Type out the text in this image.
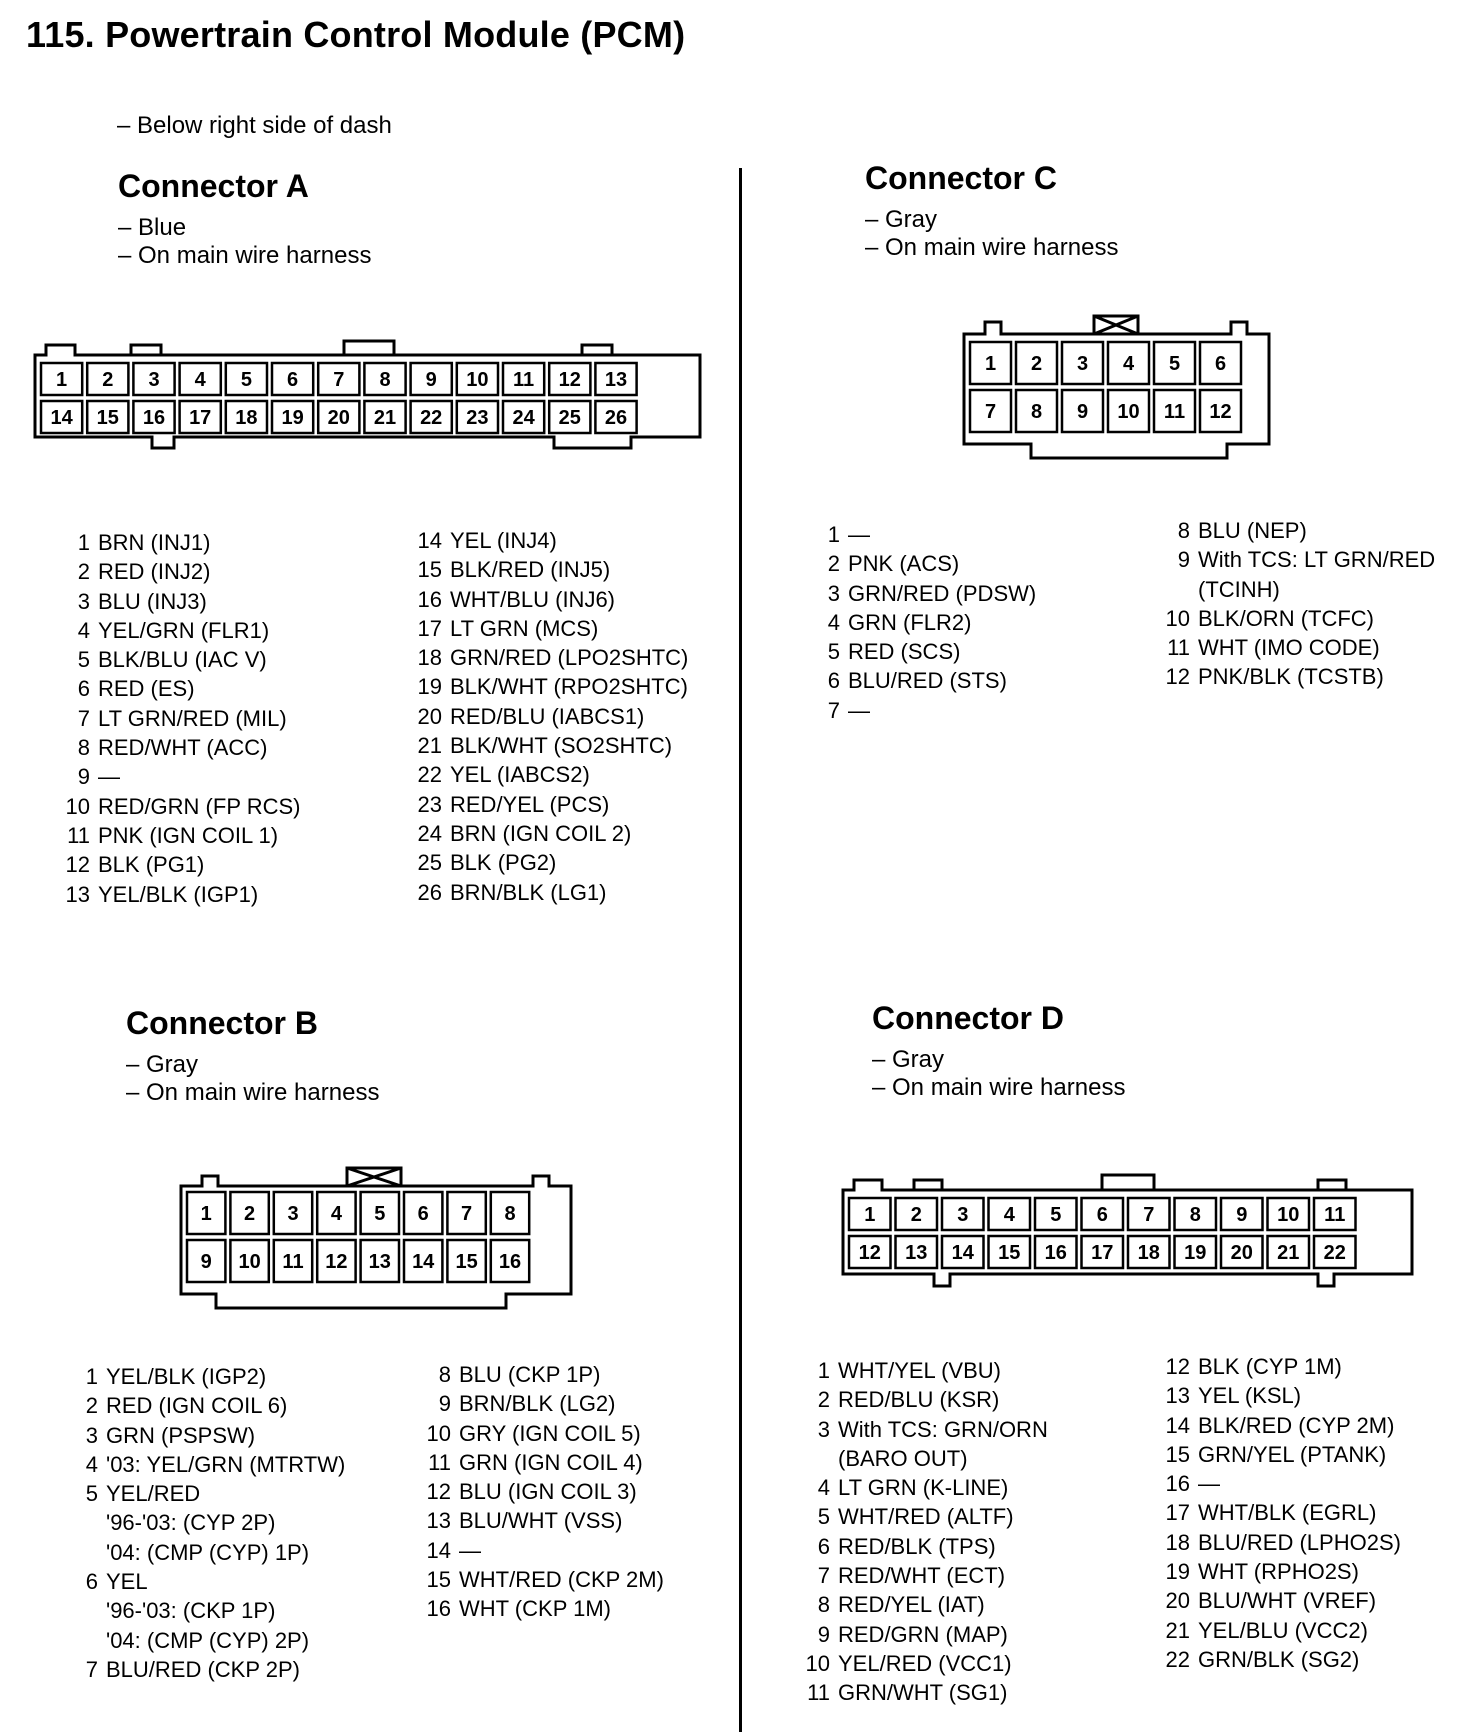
115. Powertrain Control Module (PCM)
– Below right side of dash
Connector A
– Blue
– On main wire harness
1 2 3 4 5 6 7 8 9 10 11 12 13
14 15 16 17 18 19 20 21 22 23 24 25 26
1 BRN (INJ1)
2 RED (INJ2)
3 BLU (INJ3)
4 YEL/GRN (FLR1)
5 BLK/BLU (IAC V)
6 RED (ES)
7 LT GRN/RED (MIL)
8 RED/WHT (ACC)
9 —
10 RED/GRN (FP RCS)
11 PNK (IGN COIL 1)
12 BLK (PG1)
13 YEL/BLK (IGP1)
14 YEL (INJ4)
15 BLK/RED (INJ5)
16 WHT/BLU (INJ6)
17 LT GRN (MCS)
18 GRN/RED (LPO2SHTC)
19 BLK/WHT (RPO2SHTC)
20 RED/BLU (IABCS1)
21 BLK/WHT (SO2SHTC)
22 YEL (IABCS2)
23 RED/YEL (PCS)
24 BRN (IGN COIL 2)
25 BLK (PG2)
26 BRN/BLK (LG1)
Connector C
– Gray
– On main wire harness
1 2 3 4 5 6
7 8 9 10 11 12
1 —
2 PNK (ACS)
3 GRN/RED (PDSW)
4 GRN (FLR2)
5 RED (SCS)
6 BLU/RED (STS)
7 —
8 BLU (NEP)
9 With TCS: LT GRN/RED
(TCINH)
10 BLK/ORN (TCFC)
11 WHT (IMO CODE)
12 PNK/BLK (TCSTB)
Connector B
– Gray
– On main wire harness
1 2 3 4 5 6 7 8
9 10 11 12 13 14 15 16
1 YEL/BLK (IGP2)
2 RED (IGN COIL 6)
3 GRN (PSPSW)
4 '03: YEL/GRN (MTRTW)
5 YEL/RED
'96-'03: (CYP 2P)
'04: (CMP (CYP) 1P)
6 YEL
'96-'03: (CKP 1P)
'04: (CMP (CYP) 2P)
7 BLU/RED (CKP 2P)
8 BLU (CKP 1P)
9 BRN/BLK (LG2)
10 GRY (IGN COIL 5)
11 GRN (IGN COIL 4)
12 BLU (IGN COIL 3)
13 BLU/WHT (VSS)
14 —
15 WHT/RED (CKP 2M)
16 WHT (CKP 1M)
Connector D
– Gray
– On main wire harness
1 2 3 4 5 6 7 8 9 10 11
12 13 14 15 16 17 18 19 20 21 22
1 WHT/YEL (VBU)
2 RED/BLU (KSR)
3 With TCS: GRN/ORN
(BARO OUT)
4 LT GRN (K-LINE)
5 WHT/RED (ALTF)
6 RED/BLK (TPS)
7 RED/WHT (ECT)
8 RED/YEL (IAT)
9 RED/GRN (MAP)
10 YEL/RED (VCC1)
11 GRN/WHT (SG1)
12 BLK (CYP 1M)
13 YEL (KSL)
14 BLK/RED (CYP 2M)
15 GRN/YEL (PTANK)
16 —
17 WHT/BLK (EGRL)
18 BLU/RED (LPHO2S)
19 WHT (RPHO2S)
20 BLU/WHT (VREF)
21 YEL/BLU (VCC2)
22 GRN/BLK (SG2)
